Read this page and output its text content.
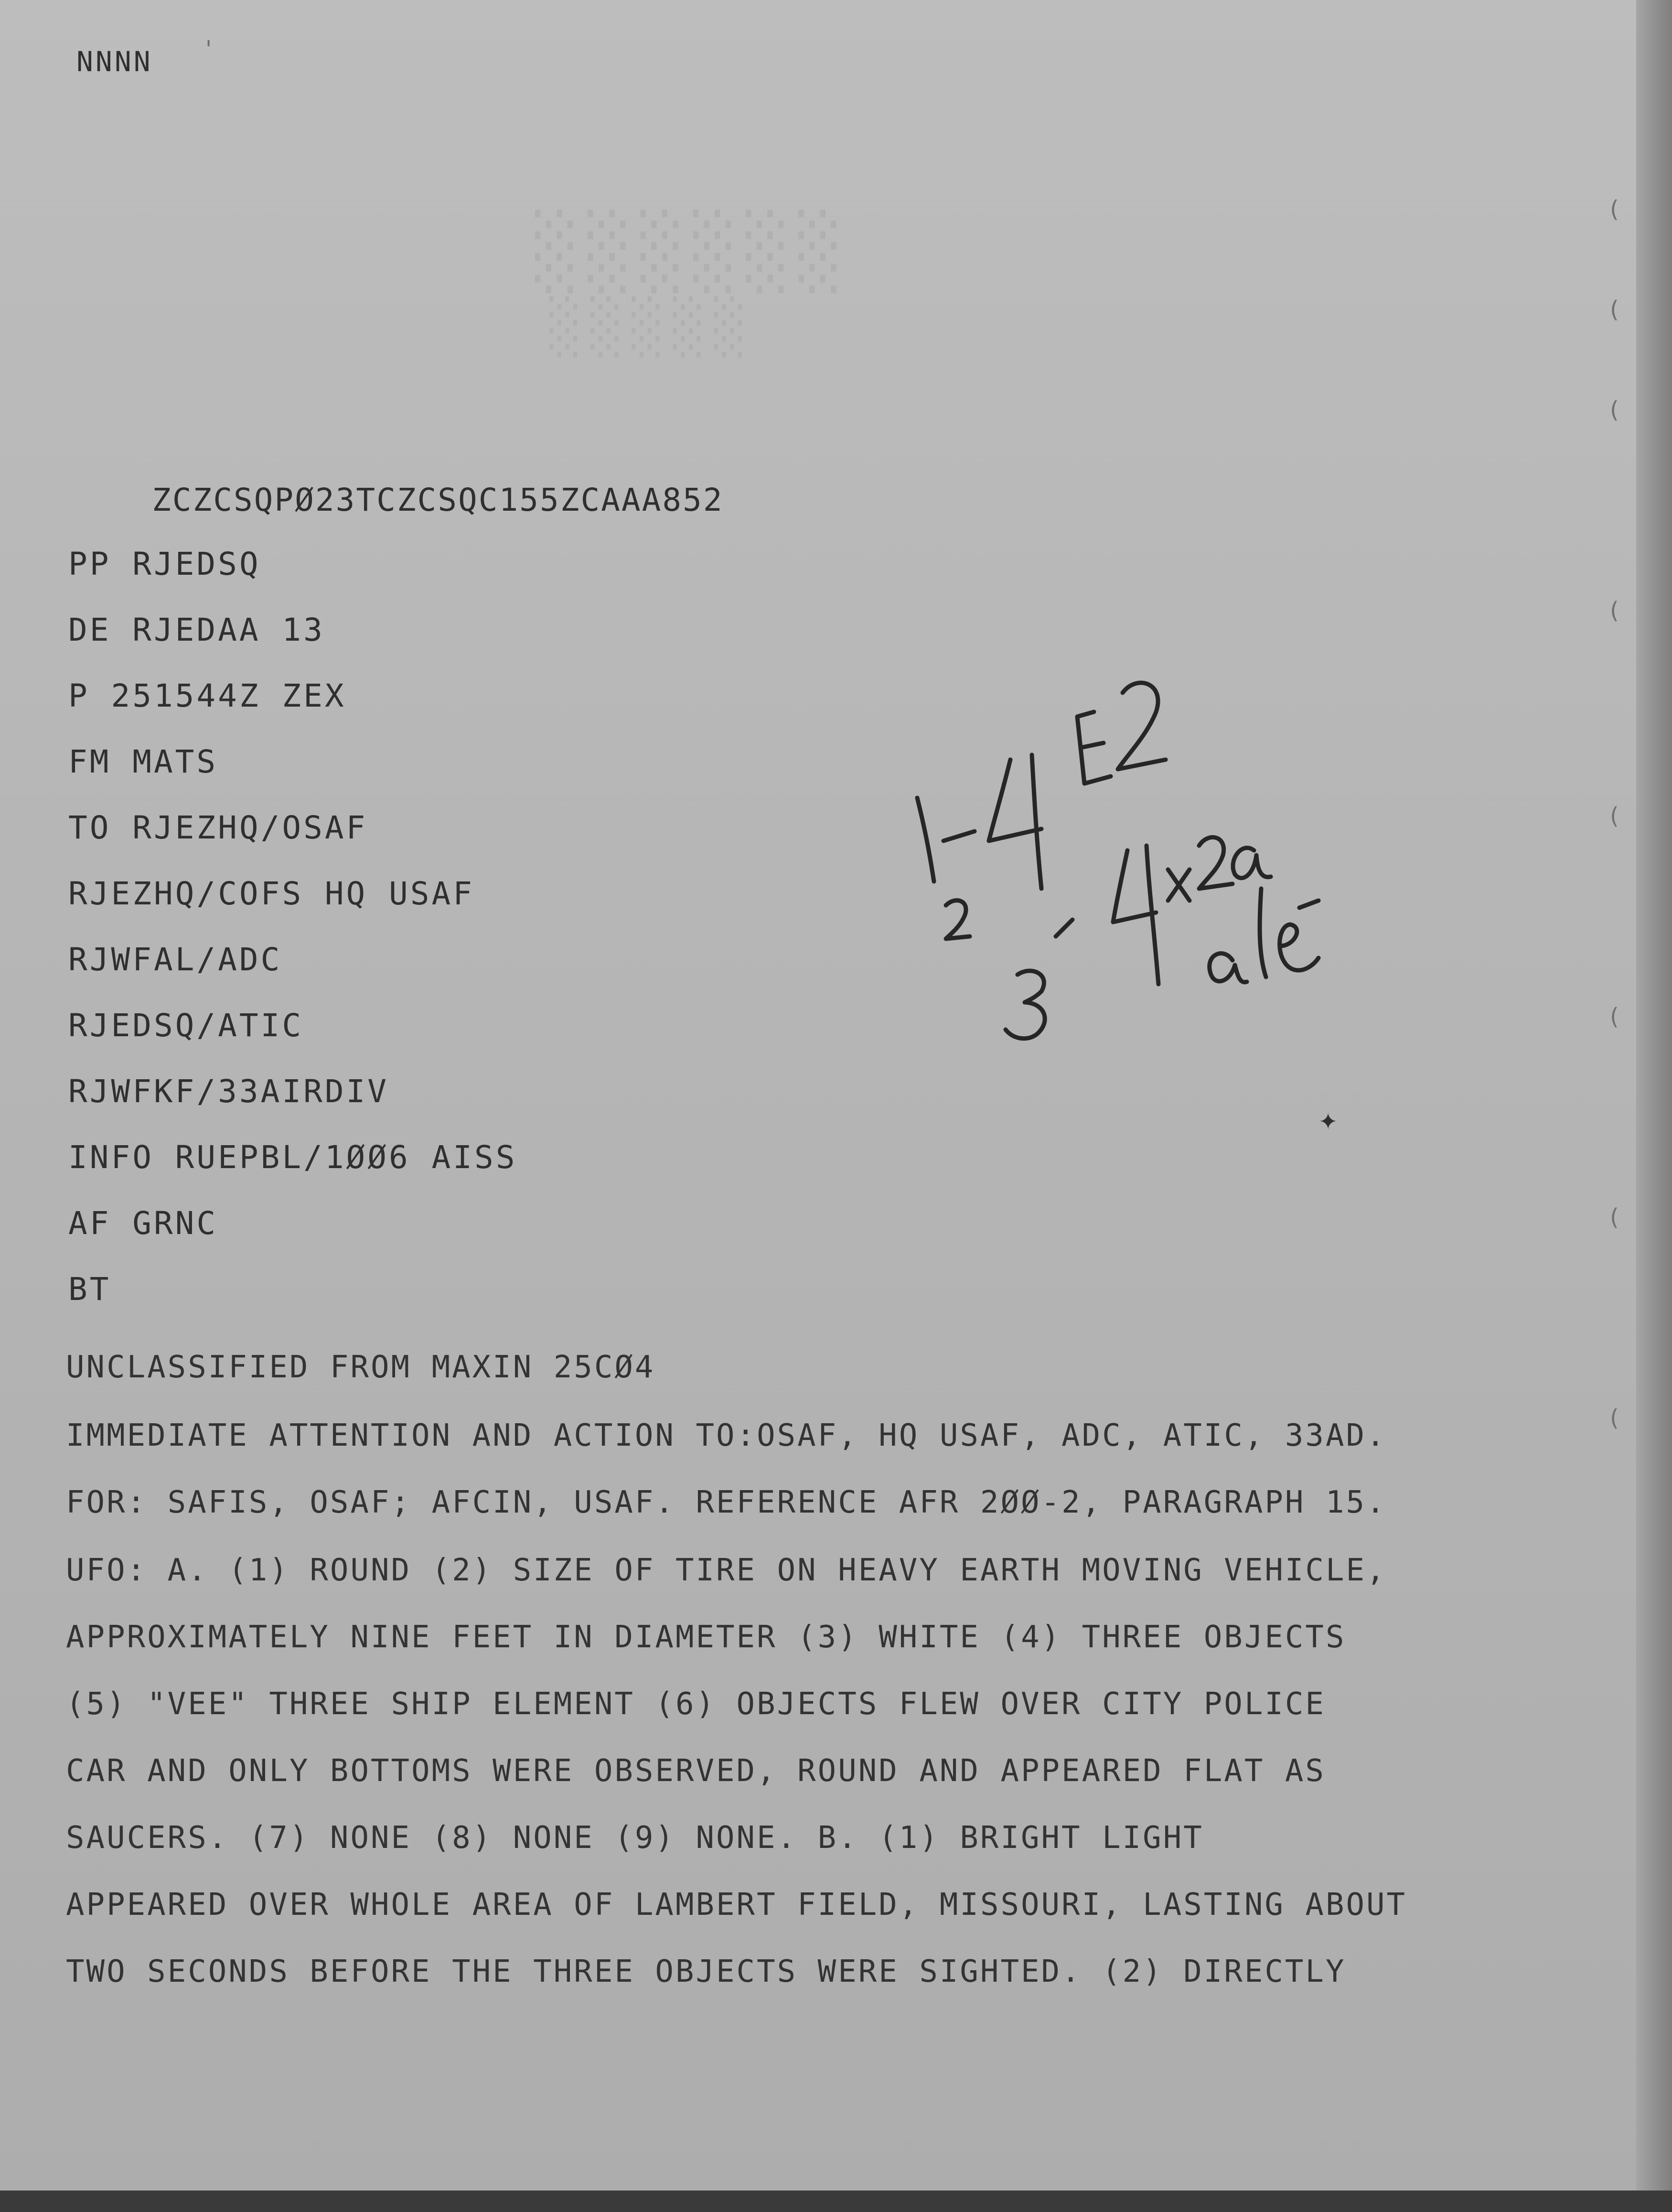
░░░░░░
░░░░░
NNNN
ZCZCSQPØ23TCZCSQC155ZCAAA852
PP RJEDSQ
DE RJEDAA 13
P 251544Z ZEX
FM MATS
TO RJEZHQ/OSAF
RJEZHQ/COFS HQ USAF
RJWFAL/ADC
RJEDSQ/ATIC
RJWFKF/33AIRDIV
INFO RUEPBL/1ØØ6 AISS
AF GRNC
BT
UNCLASSIFIED FROM MAXIN 25CØ4
IMMEDIATE ATTENTION AND ACTION TO:OSAF, HQ USAF, ADC, ATIC, 33AD.
FOR: SAFIS, OSAF; AFCIN, USAF. REFERENCE AFR 2ØØ-2, PARAGRAPH 15.
UFO: A. (1) ROUND (2) SIZE OF TIRE ON HEAVY EARTH MOVING VEHICLE,
APPROXIMATELY NINE FEET IN DIAMETER (3) WHITE (4) THREE OBJECTS
(5) "VEE" THREE SHIP ELEMENT (6) OBJECTS FLEW OVER CITY POLICE
CAR AND ONLY BOTTOMS WERE OBSERVED, ROUND AND APPEARED FLAT AS
SAUCERS. (7) NONE (8) NONE (9) NONE. B. (1) BRIGHT LIGHT
APPEARED OVER WHOLE AREA OF LAMBERT FIELD, MISSOURI, LASTING ABOUT
TWO SECONDS BEFORE THE THREE OBJECTS WERE SIGHTED. (2) DIRECTLY
'
(
(
(
(
(
(
(
(
✦
